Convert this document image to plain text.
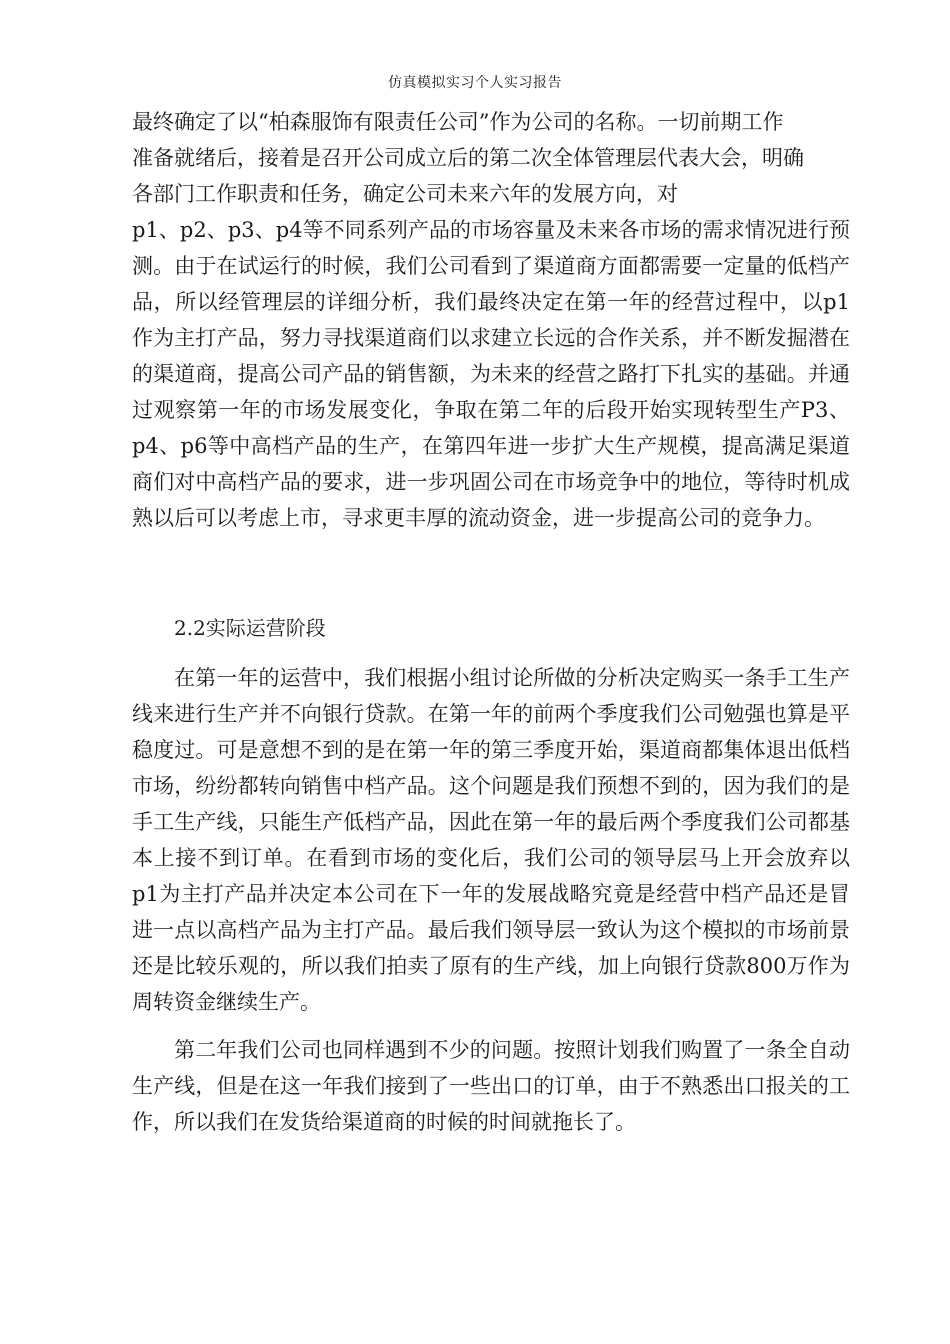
仿真模拟实习个人实习报告

最终确定了以“柏森服饰有限责任公司”作为公司的名称。一切前期工作
准备就绪后，接着是召开公司成立后的第二次全体管理层代表大会，明确
各部门工作职责和任务，确定公司未来六年的发展方向，对
p1、p2、p3、p4等不同系列产品的市场容量及未来各市场的需求情况进行预测。由于在试运行的时候，我们公司看到了渠道商方面都需要一定量的低档产品，所以经管理层的详细分析，我们最终决定在第一年的经营过程中，以p1作为主打产品，努力寻找渠道商们以求建立长远的合作关系，并不断发掘潜在的渠道商，提高公司产品的销售额，为未来的经营之路打下扎实的基础。并通过观察第一年的市场发展变化，争取在第二年的后段开始实现转型生产P3、p4、p6等中高档产品的生产，在第四年进一步扩大生产规模，提高满足渠道商们对中高档产品的要求，进一步巩固公司在市场竞争中的地位，等待时机成熟以后可以考虑上市，寻求更丰厚的流动资金，进一步提高公司的竞争力。

2.2实际运营阶段

在第一年的运营中，我们根据小组讨论所做的分析决定购买一条手工生产线来进行生产并不向银行贷款。在第一年的前两个季度我们公司勉强也算是平稳度过。可是意想不到的是在第一年的第三季度开始，渠道商都集体退出低档市场，纷纷都转向销售中档产品。这个问题是我们预想不到的，因为我们的是手工生产线，只能生产低档产品，因此在第一年的最后两个季度我们公司都基本上接不到订单。在看到市场的变化后，我们公司的领导层马上开会放弃以p1为主打产品并决定本公司在下一年的发展战略究竟是经营中档产品还是冒进一点以高档产品为主打产品。最后我们领导层一致认为这个模拟的市场前景还是比较乐观的，所以我们拍卖了原有的生产线，加上向银行贷款800万作为周转资金继续生产。

第二年我们公司也同样遇到不少的问题。按照计划我们购置了一条全自动生产线，但是在这一年我们接到了一些出口的订单，由于不熟悉出口报关的工作，所以我们在发货给渠道商的时候的时间就拖长了。
